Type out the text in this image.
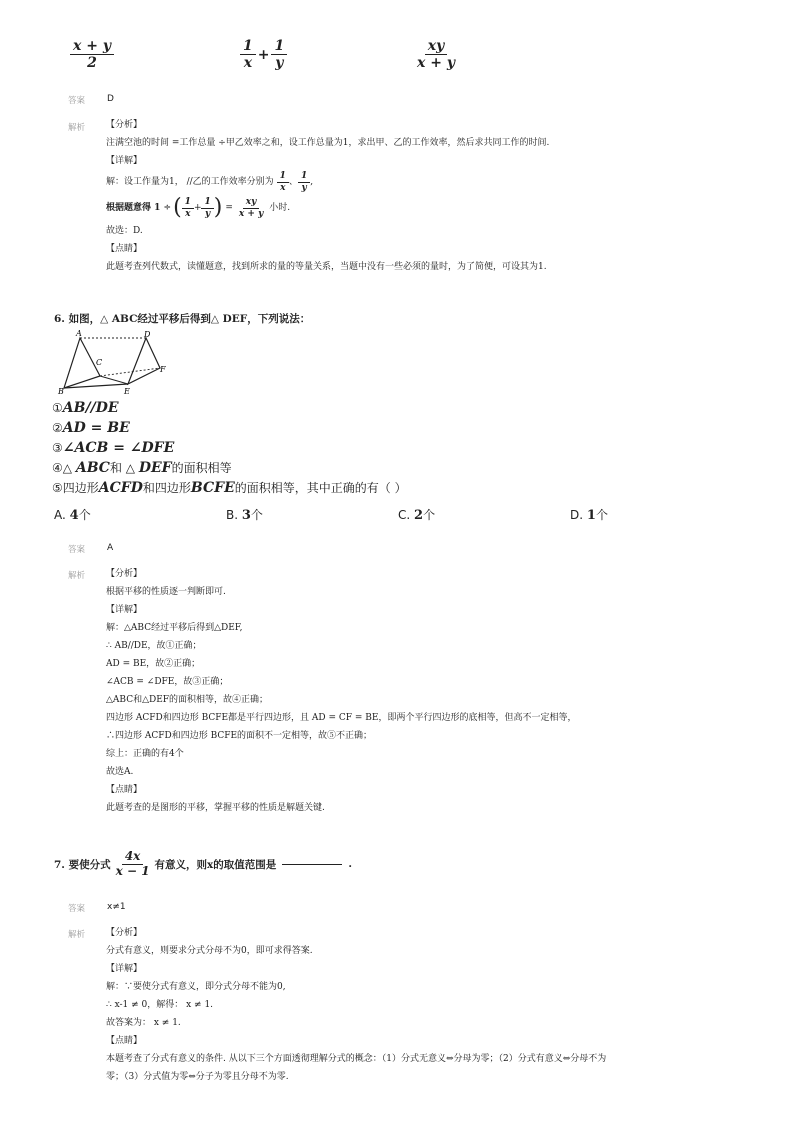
$\frac{x + y}{2}$	$\frac{1}{x} + \frac{1}{y}$	$\frac{xy}{x + y}$
答案 D
解析 【分析】
注满空池的时间 =工作总量 ÷甲乙效率之和，设工作总量为1，求出甲、乙的工作效率，然后求共同工作的时间.
【详解】
解：设工作量为1， //乙的工作效率分别为 $\frac{1}{x}$ 、 $\frac{1}{y}$ ,
根据题意得 1 ÷ ( $\frac{1}{x} + \frac{1}{y}$ ) = $\frac{xy}{x + y}$ 小时.
故选：D.
【点睛】
此题考查列代数式，读懂题意，找到所求的量的等量关系，当题中没有一些必须的量时，为了简便，可设其为1.
6. 如图，△ ABC经过平移后得到△ DEF，下列说法：
A
B
C
D
E
F
①AB//DE
②AD = BE
③∠ACB = ∠DFE
④△ ABC和 △ DEF的面积相等
⑤四边形ACFD和四边形BCFE的面积相等，其中正确的有（ ）
A. 4个	B. 3个	C. 2个	D. 1个
答案 A
解析 【分析】
根据平移的性质逐一判断即可.
【详解】
解：△ABC经过平移后得到△DEF,
∴ AB//DE，故①正确；
AD = BE，故②正确；
∠ACB = ∠DFE，故③正确；
△ABC和△DEF的面积相等，故④正确；
四边形 ACFD和四边形 BCFE都是平行四边形，且 AD = CF = BE，即两个平行四边形的底相等，但高不一定相等，
∴四边形 ACFD和四边形 BCFE的面积不一定相等，故⑤不正确；
综上：正确的有4个
故选A.
【点睛】
此题考查的是图形的平移，掌握平移的性质是解题关键.
7. 要使分式 $\frac{4x}{x - 1}$ 有意义，则x的取值范围是	.
答案 x≠1
解析 【分析】
分式有意义，则要求分式分母不为0，即可求得答案.
【详解】
解：∵要使分式有意义，即分式分母不能为0,
∴ x-1 ≠ 0，解得： x ≠ 1.
故答案为： x ≠ 1.
【点睛】
本题考查了分式有意义的条件. 从以下三个方面透彻理解分式的概念：（1）分式无意义⇔分母为零；（2）分式有意义⇔分母不为
零；（3）分式值为零⇔分子为零且分母不为零.
